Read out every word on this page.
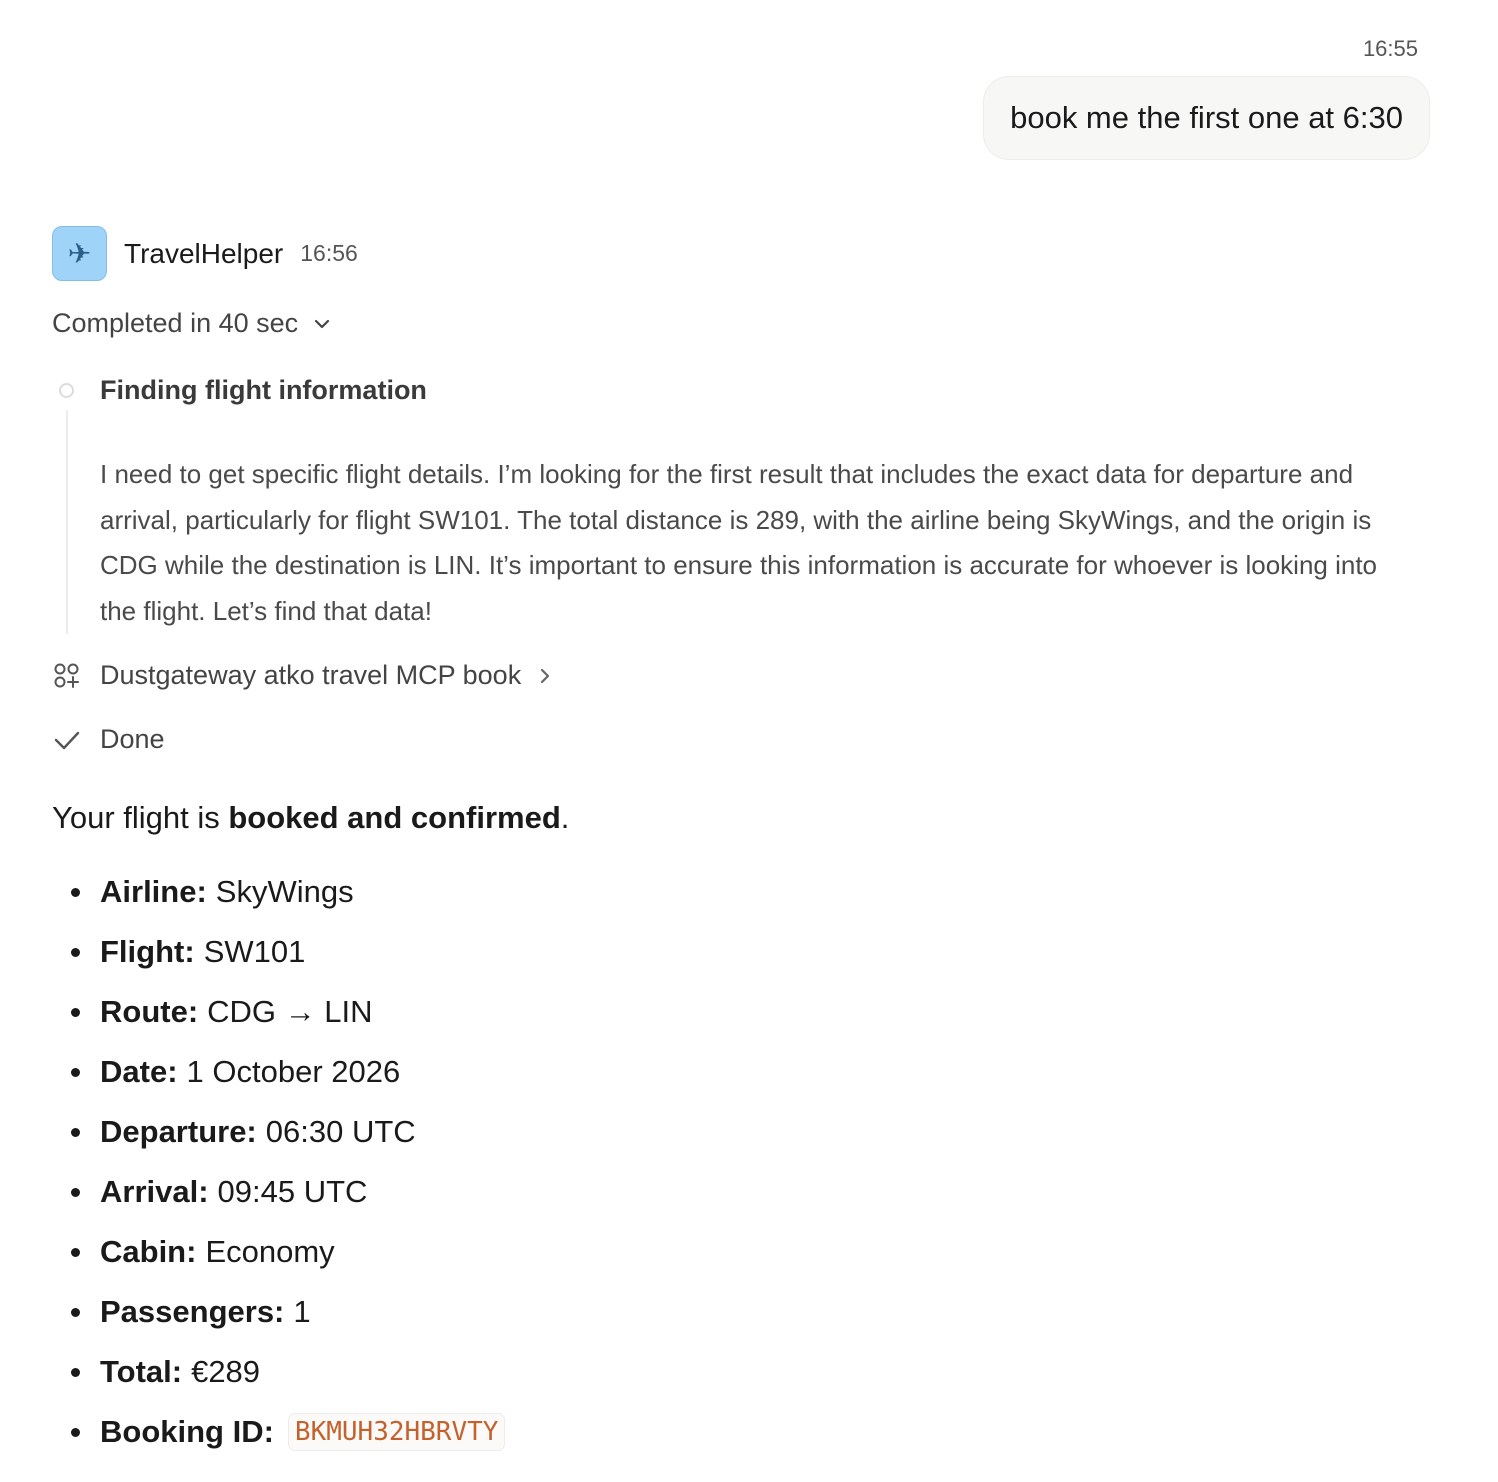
16:55
book me the first one at 6:30
✈	TravelHelper 16:56
Completed in 40 sec
Finding flight information
I need to get specific flight details. I’m looking for the first result that includes the exact data for departure and arrival, particularly for flight SW101. The total distance is 289, with the airline being SkyWings, and the origin is CDG while the destination is LIN. It’s important to ensure this information is accurate for whoever is looking into the flight. Let’s find that data!
Dustgateway atko travel MCP book
Done
Your flight is booked and confirmed.
Airline: SkyWings
Flight: SW101
Route: CDG → LIN
Date: 1 October 2026
Departure: 06:30 UTC
Arrival: 09:45 UTC
Cabin: Economy
Passengers: 1
Total: €289
Booking ID: BKMUH32HBRVTY
